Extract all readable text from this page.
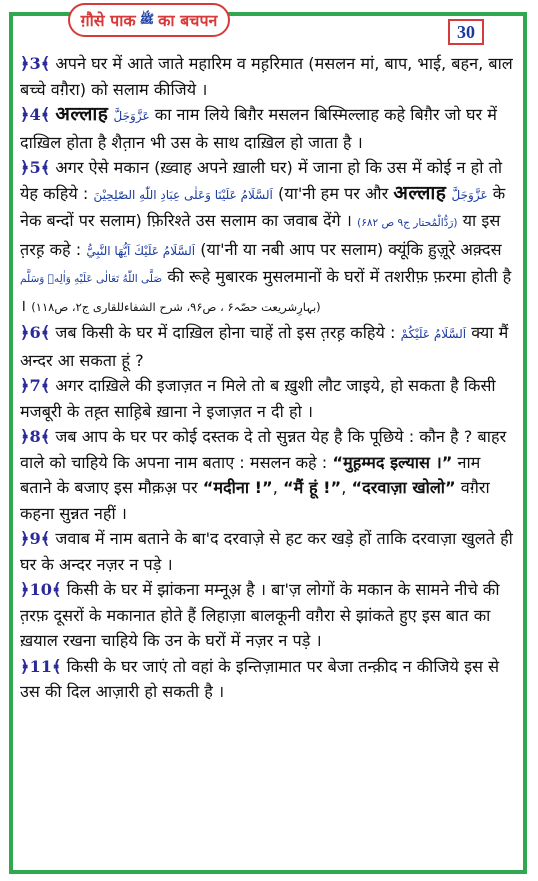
ग़ौसे पाक ﷺ का बचपन
30

﴿3﴾ अपने घर में आते जाते महारिम व मह़रिमात (मसलन मां, बाप, भाई, बहन, बाल बच्चे वग़ैरा) को सलाम कीजिये ।

﴿4﴾ अल्लाह عَزَّوَجَلَّ का नाम लिये बिग़ैर मसलन बिस्मिल्लाह कहे बिग़ैर जो घर में दाख़िल होता है शैत़ान भी उस के साथ दाख़िल हो जाता है ।

﴿5﴾ अगर ऐसे मकान (ख़्वाह अपने ख़ाली घर) में जाना हो कि उस में कोई न हो तो येह कहिये : اَلسَّلَامُ عَلَيْنَا وَعَلٰى عِبَادِ اللّٰهِ الصّٰلِحِيْنَ (या'नी हम पर और अल्लाह عَزَّوَجَلَّ के नेक बन्दों पर सलाम) फ़िरिश्ते उस सलाम का जवाब देंगे । (رَدُّالْمُحتار ج۹ ص ۶۸۲) या इस त़रह़ कहे : اَلسَّلَامُ عَلَيْكَ اَيُّهَا النَّبِيُّ (या'नी या नबी आप पर सलाम) क्यूंकि ह़ुज़ूरे अक़्दस صَلَّى اللّٰهُ تَعَالٰى عَلَيْهِ وَاٰلِهٖ وَسَلَّم की रूहे मुबारक मुसलमानों के घरों में तशरीफ़ फ़रमा होती है । (بہارِشریعت حصّہ۶ ، ص۹۶، شرح الشفاءللقاری ج۲، ص۱۱۸)

﴿6﴾ जब किसी के घर में दाख़िल होना चाहें तो इस त़रह़ कहिये : اَلسَّلَامُ عَلَيْكُمْ क्या मैं अन्दर आ सकता हूं ?

﴿7﴾ अगर दाख़िले की इजाज़त न मिले तो ब ख़ुशी लौट जाइये, हो सकता है किसी मजबूरी के तह़्त साह़िबे ख़ाना ने इजाज़त न दी हो ।

﴿8﴾ जब आप के घर पर कोई दस्तक दे तो सुन्नत येह है कि पूछिये : कौन है ? बाहर वाले को चाहिये कि अपना नाम बताए : मसलन कहे : “मुह़म्मद इल्यास ।” नाम बताने के बजाए इस मौक़अ़ पर “मदीना !”, “मैं हूं !”, “दरवाज़ा खोलो” वग़ैरा कहना सुन्नत नहीं ।

﴿9﴾ जवाब में नाम बताने के बा'द दरवाज़े से हट कर खड़े हों ताकि दरवाज़ा खुलते ही घर के अन्दर नज़र न पड़े ।

﴿10﴾ किसी के घर में झांकना मम्नूअ़ है । बा'ज़ लोगों के मकान के सामने नीचे की त़रफ़ दूसरों के मकानात होते हैं लिहाज़ा बालकूनी वग़ैरा से झांकते हुए इस बात का ख़याल रखना चाहिये कि उन के घरों में नज़र न पड़े ।

﴿11﴾ किसी के घर जाएं तो वहां के इन्तिज़ामात पर बेजा तन्क़ीद न कीजिये इस से उस की दिल आज़ारी हो सकती है ।
